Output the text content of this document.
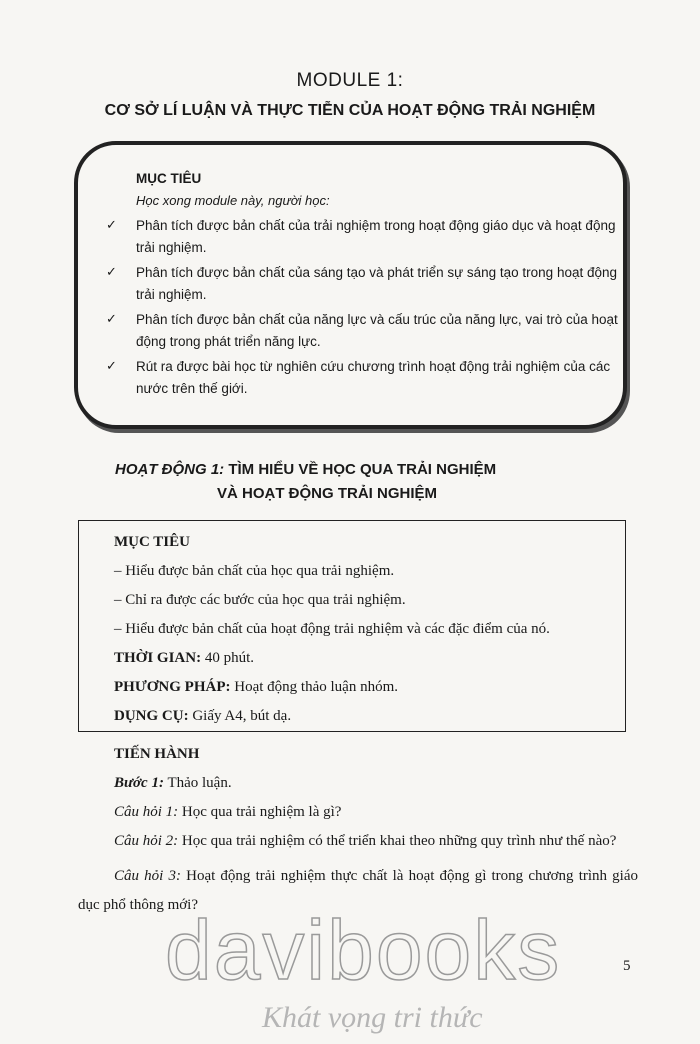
MODULE 1:
CƠ SỞ LÍ LUẬN VÀ THỰC TIỄN CỦA HOẠT ĐỘNG TRẢI NGHIỆM
MỤC TIÊU
Học xong module này, người học:
✓ Phân tích được bản chất của trải nghiệm trong hoạt động giáo dục và hoạt động trải nghiệm.
✓ Phân tích được bản chất của sáng tạo và phát triển sự sáng tạo trong hoạt động trải nghiệm.
✓ Phân tích được bản chất của năng lực và cấu trúc của năng lực, vai trò của hoạt động trong phát triển năng lực.
✓ Rút ra được bài học từ nghiên cứu chương trình hoạt động trải nghiệm của các nước trên thế giới.
HOẠT ĐỘNG 1: TÌM HIỂU VỀ HỌC QUA TRẢI NGHIỆM
VÀ HOẠT ĐỘNG TRẢI NGHIỆM
MỤC TIÊU
– Hiểu được bản chất của học qua trải nghiệm.
– Chỉ ra được các bước của học qua trải nghiệm.
– Hiểu được bản chất của hoạt động trải nghiệm và các đặc điểm của nó.
THỜI GIAN: 40 phút.
PHƯƠNG PHÁP: Hoạt động thảo luận nhóm.
DỤNG CỤ: Giấy A4, bút dạ.
TIẾN HÀNH
Bước 1: Thảo luận.
Câu hỏi 1: Học qua trải nghiệm là gì?
Câu hỏi 2: Học qua trải nghiệm có thể triển khai theo những quy trình như thế nào?
Câu hỏi 3: Hoạt động trải nghiệm thực chất là hoạt động gì trong chương trình giáo dục phổ thông mới?
5
davibooks
Khát vọng tri thức
